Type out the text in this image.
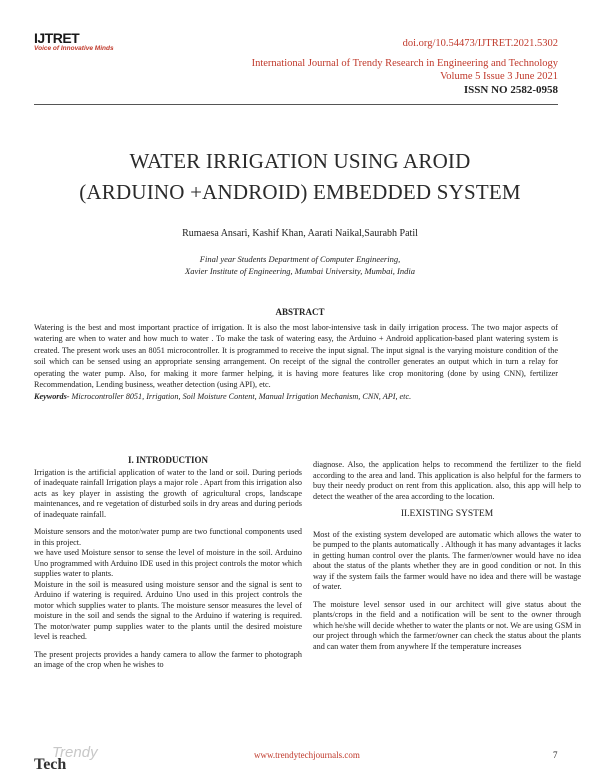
IJTRET
Voice of Innovative Minds	doi.org/10.54473/IJTRET.2021.5302
International Journal of Trendy Research in Engineering and Technology
Volume 5 Issue 3 June 2021
ISSN NO 2582-0958
WATER IRRIGATION USING AROID
(ARDUINO +ANDROID) EMBEDDED SYSTEM
Rumaesa Ansari, Kashif Khan, Aarati Naikal,Saurabh Patil
Final year Students Department of Computer Engineering,
Xavier Institute of Engineering, Mumbai University, Mumbai, India
ABSTRACT
Watering is the best and most important practice of irrigation. It is also the most labor-intensive task in daily irrigation process. The two major aspects of watering are when to water and how much to water . To make the task of watering easy, the Arduino + Android application-based plant watering system is created. The present work uses an 8051 microcontroller. It is programmed to receive the input signal. The input signal is the varying moisture condition of the soil which can be sensed using an appropriate sensing arrangement. On receipt of the signal the controller generates an output which in turn a relay for operating the water pump. Also, for making it more farmer helping, it is having more features like crop monitoring (done by using CNN), fertilizer Recommendation, Lending business, weather detection (using API), etc.
Keywords- Microcontroller 8051, Irrigation, Soil Moisture Content, Manual Irrigation Mechanism, CNN, API, etc.
I. INTRODUCTION

Irrigation is the artificial application of water to the land or soil. During periods of inadequate rainfall Irrigation plays a major role . Apart from this irrigation also acts as key player in assisting the growth of agricultural crops, landscape maintenances, and re vegetation of disturbed soils in dry areas and during periods of inadequate rainfall.

Moisture sensors and the motor/water pump are two functional components used in this project.

we have used Moisture sensor to sense the level of moisture in the soil. Arduino Uno programmed with Arduino IDE used in this project controls the motor which supplies water to plants.

Moisture in the soil is measured using moisture sensor and the signal is sent to Arduino if watering is required. Arduino Uno used in this project controls the motor which supplies water to plants. The moisture sensor measures the level of moisture in the soil and sends the signal to the Arduino if watering is required. The motor/water pump supplies water to the plants until the desired moisture level is reached.

The present projects provides a handy camera to allow the farmer to photograph an image of the crop when he wishes to

diagnose. Also, the application helps to recommend the fertilizer to the field according to the area and land. This application is also helpful for the farmers to buy their needy product on rent from this application. also, this app will help to detect the weather of the area according to the location.

II.EXISTING SYSTEM

Most of the existing system developed are automatic which allows the water to be pumped to the plants automatically . Although it has many advantages it lacks in getting human control over the plants. The farmer/owner would have no idea about the status of the plants whether they are in good condition or not. In this way if the system fails the farmer would have no idea and there will be wastage of water.

The moisture level sensor used in our architect will give status about the plants/crops in the field and a notification will be sent to the owner through which he/she will decide whether to water the plants or not. We are using GSM in our project through which the farmer/owner can check the status about the plants and can water them from anywhere If the temperature increases

Trendy
Tech
www.trendytechjournals.com	7
